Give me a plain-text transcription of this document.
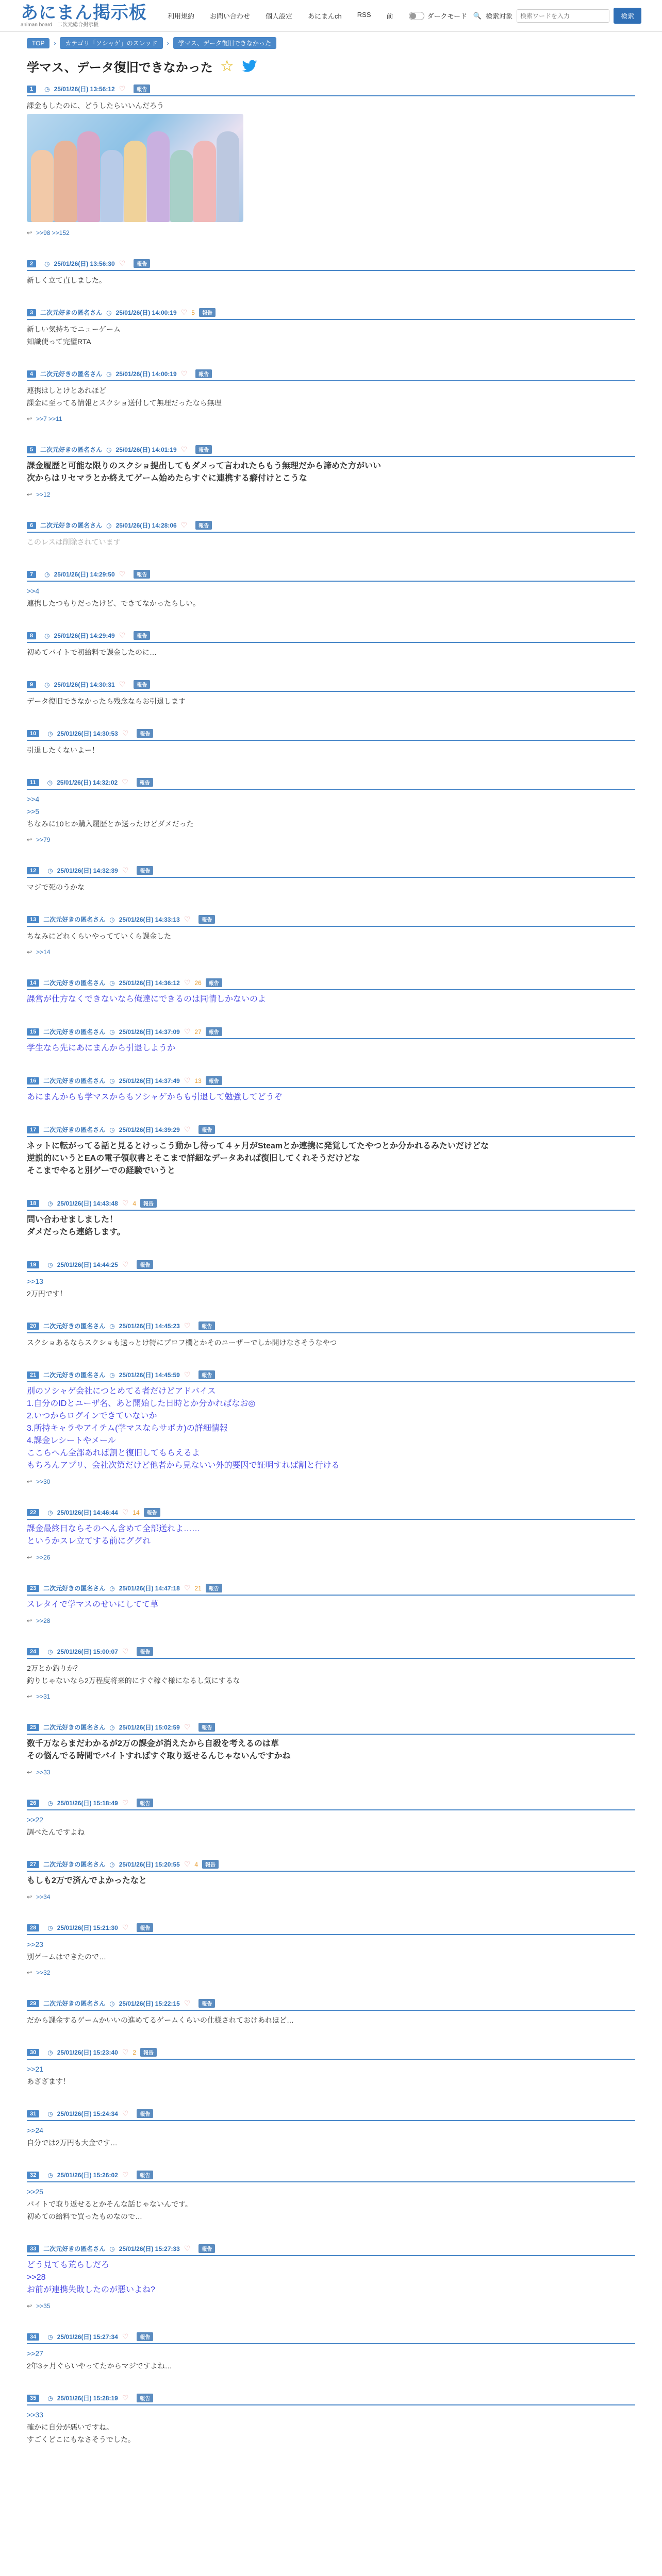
あにまん掲示板
animan board　二次元総合掲示板
利用規約 お問い合わせ 個人設定 あにまんch RSS 前	ダークモード 🔍 検索対象
検索ワードを入力	検索
TOP	›	カテゴリ「ソシャゲ」のスレッド	›	学マス、データ復旧できなかった
学マス、データ復旧できなかった ☆
1	◷ 25/01/26(日) 13:56:12 ♡	報告

課金もしたのに、どうしたらいいんだろう

↩ >>98 >>152
2	◷ 25/01/26(日) 13:56:30 ♡	報告

新しく立て直しました。

3	二次元好きの匿名さん ◷ 25/01/26(日) 14:00:19 ♡ 5	報告

新しい気持ちでニューゲーム

知識使って完璧RTA

4	二次元好きの匿名さん ◷ 25/01/26(日) 14:00:19 ♡	報告

連携はしとけとあれほど

課金に至ってる情報とスクショ送付して無理だったなら無理

↩ >>7 >>11
5	二次元好きの匿名さん ◷ 25/01/26(日) 14:01:19 ♡	報告

課金履歴と可能な限りのスクショ提出してもダメって言われたらもう無理だから諦めた方がいい

次からはリセマラとか終えてゲーム始めたらすぐに連携する癖付けとこうな

↩ >>12
6	二次元好きの匿名さん ◷ 25/01/26(日) 14:28:06 ♡	報告

このレスは削除されています

7	◷ 25/01/26(日) 14:29:50 ♡	報告

>>4

連携したつもりだったけど、できてなかったらしい。

8	◷ 25/01/26(日) 14:29:49 ♡	報告

初めてバイトで初給料で課金したのに…

9	◷ 25/01/26(日) 14:30:31 ♡	報告

データ復旧できなかったら残念ならお引退します

10	◷ 25/01/26(日) 14:30:53 ♡	報告

引退したくないよー！

11	◷ 25/01/26(日) 14:32:02 ♡	報告

>>4

>>5

ちなみに10ヒか購入履歴とか送ったけどダメだった

↩ >>79
12	◷ 25/01/26(日) 14:32:39 ♡	報告

マジで死のうかな

13	二次元好きの匿名さん ◷ 25/01/26(日) 14:33:13 ♡	報告

ちなみにどれくらいやってていくら課金した

↩ >>14
14	二次元好きの匿名さん ◷ 25/01/26(日) 14:36:12 ♡ 26	報告

課営が仕方なくできないなら俺達にできるのは同情しかないのよ

15	二次元好きの匿名さん ◷ 25/01/26(日) 14:37:09 ♡ 27	報告

学生なら先にあにまんから引退しようか

16	二次元好きの匿名さん ◷ 25/01/26(日) 14:37:49 ♡ 13	報告

あにまんからも学マスからもソシャゲからも引退して勉強してどうぞ

17	二次元好きの匿名さん ◷ 25/01/26(日) 14:39:29 ♡	報告

ネットに転がってる話と見るとけっこう動かし待って４ヶ月がSteamとか連携に発覚してたやつとか分かれるみたいだけどな

逆説的にいうとEAの電子領収書とそこまで詳細なデータあれば復旧してくれそうだけどな

そこまでやると別ゲーでの経験でいうと

18	◷ 25/01/26(日) 14:43:48 ♡ 4	報告

問い合わせましました！

ダメだったら連絡します。

19	◷ 25/01/26(日) 14:44:25 ♡	報告

>>13

2万円です！

20	二次元好きの匿名さん ◷ 25/01/26(日) 14:45:23 ♡	報告

スクショあるならスクショも送っとけ特にプロフ欄とかそのユーザーでしか開けなさそうなやつ

21	二次元好きの匿名さん ◷ 25/01/26(日) 14:45:59 ♡	報告

別のソシャゲ会社につとめてる者だけどアドバイス

1.自分のIDとユーザ名、あと開始した日時とか分かればなお◎

2.いつからログインできていないか

3.所持キャラやアイテム(学マスならサポカ)の詳細情報

4.課金レシートやメール

ここらへん全部あれば割と復旧してもらえるよ

もちろんアプリ、会社次第だけど他者から見ないい外的要因で証明すれば割と行ける

↩ >>30
22	◷ 25/01/26(日) 14:46:44 ♡ 14	報告

課金最終日ならそのへん含めて全部送れよ……

というかスレ立てする前にググれ

↩ >>26
23	二次元好きの匿名さん ◷ 25/01/26(日) 14:47:18 ♡ 21	報告

スレタイで学マスのせいにしてて草

↩ >>28
24	◷ 25/01/26(日) 15:00:07 ♡	報告

2万とか釣りか？

釣りじゃないなら2万程度将来的にすぐ稼ぐ様になるし気にするな

↩ >>31
25	二次元好きの匿名さん ◷ 25/01/26(日) 15:02:59 ♡	報告

数千万ならまだわかるが2万の課金が消えたから自殺を考えるのは草

その悩んでる時間でバイトすればすぐ取り返せるんじゃないんですかね

↩ >>33
26	◷ 25/01/26(日) 15:18:49 ♡	報告

>>22

調べたんですよね

27	二次元好きの匿名さん ◷ 25/01/26(日) 15:20:55 ♡ 4	報告

もしも2万で済んでよかったなと

↩ >>34
28	◷ 25/01/26(日) 15:21:30 ♡	報告

>>23

別ゲームはできたので…

↩ >>32
29	二次元好きの匿名さん ◷ 25/01/26(日) 15:22:15 ♡	報告

だから課金するゲームかいいの進めてるゲームくらいの仕様されておけあれほど…

30	◷ 25/01/26(日) 15:23:40 ♡ 2	報告

>>21

あざざます！

31	◷ 25/01/26(日) 15:24:34 ♡	報告

>>24

自分では2万円も大金です…

32	◷ 25/01/26(日) 15:26:02 ♡	報告

>>25

バイトで取り返せるとかそんな話じゃないんです。

初めての給料で買ったものなので…

33	二次元好きの匿名さん ◷ 25/01/26(日) 15:27:33 ♡	報告

どう見ても荒らしだろ

>>28

お前が連携失敗したのが悪いよね?

↩ >>35
34	◷ 25/01/26(日) 15:27:34 ♡	報告

>>27

2年3ヶ月ぐらいやってたからマジですよね…

35	◷ 25/01/26(日) 15:28:19 ♡	報告

>>33

確かに自分が悪いですね。

すごくどこにもなさそうでした。
